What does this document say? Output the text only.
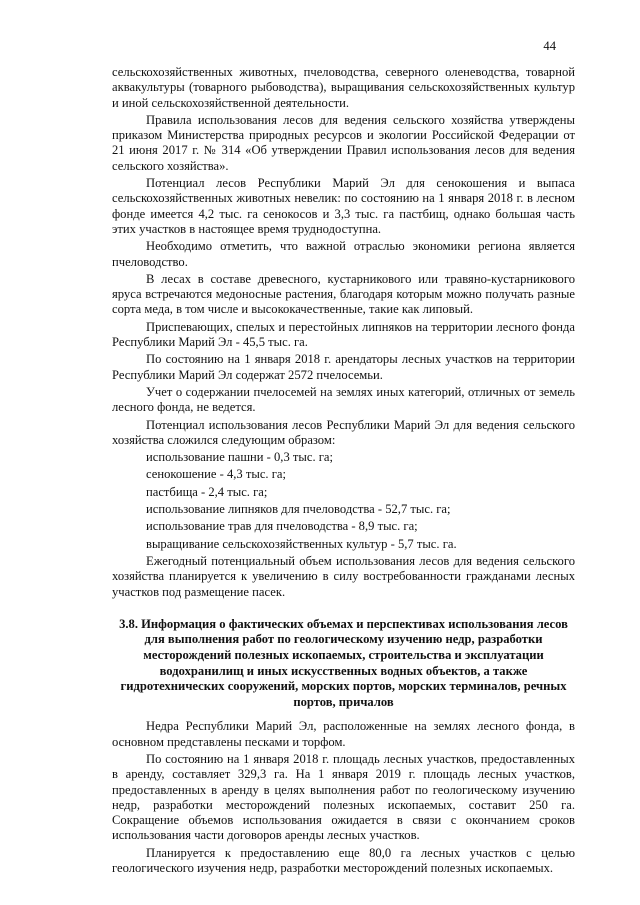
44

сельскохозяйственных животных, пчеловодства, северного оленеводства, товарной аквакультуры (товарного рыбоводства), выращивания сельскохозяйственных культур и иной сельскохозяйственной деятельности.

Правила использования лесов для ведения сельского хозяйства утверждены приказом Министерства природных ресурсов и экологии Российской Федерации от 21 июня 2017 г. № 314 «Об утверждении Правил использования лесов для ведения сельского хозяйства».

Потенциал лесов Республики Марий Эл для сенокошения и выпаса сельскохозяйственных животных невелик: по состоянию на 1 января 2018 г. в лесном фонде имеется 4,2 тыс. га сенокосов и 3,3 тыс. га пастбищ, однако большая часть этих участков в настоящее время труднодоступна.

Необходимо отметить, что важной отраслью экономики региона является пчеловодство.

В лесах в составе древесного, кустарникового или травяно-кустарникового яруса встречаются медоносные растения, благодаря которым можно получать разные сорта меда, в том числе и высококачественные, такие как липовый.

Приспевающих, спелых и перестойных липняков на территории лесного фонда Республики Марий Эл - 45,5 тыс. га.

По состоянию на 1 января 2018 г. арендаторы лесных участков на территории Республики Марий Эл содержат 2572 пчелосемьи.

Учет о содержании пчелосемей на землях иных категорий, отличных от земель лесного фонда, не ведется.

Потенциал использования лесов Республики Марий Эл для ведения сельского хозяйства сложился следующим образом:

использование пашни - 0,3 тыс. га;

сенокошение - 4,3 тыс. га;

пастбища - 2,4 тыс. га;

использование липняков для пчеловодства - 52,7 тыс. га;

использование трав для пчеловодства - 8,9 тыс. га;

выращивание сельскохозяйственных культур - 5,7 тыс. га.

Ежегодный потенциальный объем использования лесов для ведения сельского хозяйства планируется к увеличению в силу востребованности гражданами лесных участков под размещение пасек.

3.8. Информация о фактических объемах и перспективах использования лесов для выполнения работ по геологическому изучению недр, разработки месторождений полезных ископаемых, строительства и эксплуатации водохранилищ и иных искусственных водных объектов, а также гидротехнических сооружений, морских портов, морских терминалов, речных портов, причалов

Недра Республики Марий Эл, расположенные на землях лесного фонда, в основном представлены песками и торфом.

По состоянию на 1 января 2018 г. площадь лесных участков, предоставленных в аренду, составляет 329,3 га. На 1 января 2019 г. площадь лесных участков, предоставленных в аренду в целях выполнения работ по геологическому изучению недр, разработки месторождений полезных ископаемых, составит 250 га. Сокращение объемов использования ожидается в связи с окончанием сроков использования части договоров аренды лесных участков.

Планируется к предоставлению еще 80,0 га лесных участков с целью геологического изучения недр, разработки месторождений полезных ископаемых.
